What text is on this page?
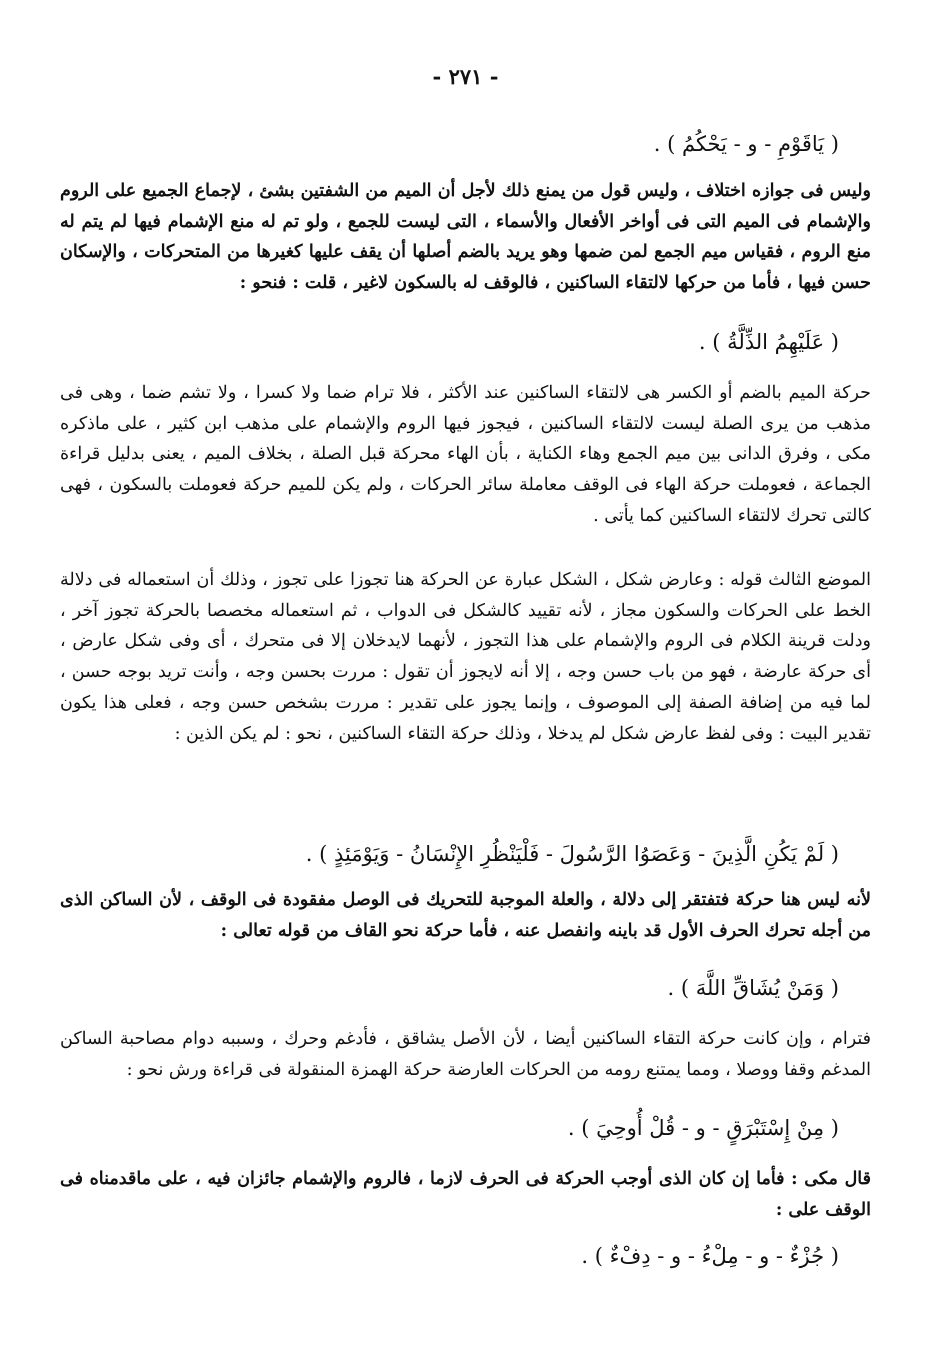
- ٢٧١ -
( يَاقَوْمِ - و - يَحْكُمُ ) .
وليس فى جوازه اختلاف ، وليس قول من يمنع ذلك لأجل أن الميم من الشفتين بشئ ، لإجماع الجميع على الروم والإشمام فى الميم التى فى أواخر الأفعال والأسماء ، التى ليست للجمع ، ولو تم له منع الإشمام فيها لم يتم له منع الروم ، فقياس ميم الجمع لمن ضمها وهو يريد بالضم أصلها أن يقف عليها كغيرها من المتحركات ، والإسكان حسن فيها ، فأما من حركها لالتقاء الساكنين ، فالوقف له بالسكون لاغير ، قلت : فنحو :
( عَلَيْهِمُ الذِّلَّةُ ) .
حركة الميم بالضم أو الكسر هى لالتقاء الساكنين عند الأكثر ، فلا ترام ضما ولا كسرا ، ولا تشم ضما ، وهى فى مذهب من يرى الصلة ليست لالتقاء الساكنين ، فيجوز فيها الروم والإشمام على مذهب ابن كثير ، على ماذكره مكى ، وفرق الدانى بين ميم الجمع وهاء الكناية ، بأن الهاء محركة قبل الصلة ، بخلاف الميم ، يعنى بدليل قراءة الجماعة ، فعوملت حركة الهاء فى الوقف معاملة سائر الحركات ، ولم يكن للميم حركة فعوملت بالسكون ، فهى كالتى تحرك لالتقاء الساكنين كما يأتى .
الموضع الثالث قوله : وعارض شكل ، الشكل عبارة عن الحركة هنا تجوزا على تجوز ، وذلك أن استعماله فى دلالة الخط على الحركات والسكون مجاز ، لأنه تقييد كالشكل فى الدواب ، ثم استعماله مخصصا بالحركة تجوز آخر ، ودلت قرينة الكلام فى الروم والإشمام على هذا التجوز ، لأنهما لايدخلان إلا فى متحرك ، أى وفى شكل عارض ، أى حركة عارضة ، فهو من باب حسن وجه ، إلا أنه لايجوز أن تقول : مررت بحسن وجه ، وأنت تريد بوجه حسن ، لما فيه من إضافة الصفة إلى الموصوف ، وإنما يجوز على تقدير : مررت بشخص حسن وجه ، فعلى هذا يكون تقدير البيت : وفى لفظ عارض شكل لم يدخلا ، وذلك حركة التقاء الساكنين ، نحو : لم يكن الذين :
( لَمْ يَكُنِ الَّذِينَ - وَعَصَوُا الرَّسُولَ - فَلْيَنْظُرِ الإِنْسَانُ - وَيَوْمَئِذٍ ) .
لأنه ليس هنا حركة فتفتقر إلى دلالة ، والعلة الموجبة للتحريك فى الوصل مفقودة فى الوقف ، لأن الساكن الذى من أجله تحرك الحرف الأول قد باينه وانفصل عنه ، فأما حركة نحو القاف من قوله تعالى :
( وَمَنْ يُشَاقِّ اللَّهَ ) .
فترام ، وإن كانت حركة التقاء الساكنين أيضا ، لأن الأصل يشاقق ، فأدغم وحرك ، وسببه دوام مصاحبة الساكن المدغم وقفا ووصلا ، ومما يمتنع رومه من الحركات العارضة حركة الهمزة المنقولة فى قراءة ورش نحو :
( مِنْ إِسْتَبْرَقٍ - و - قُلْ أُوحِيَ ) .
قال مكى : فأما إن كان الذى أوجب الحركة فى الحرف لازما ، فالروم والإشمام جائزان فيه ، على ماقدمناه فى الوقف على :
( جُزْءٌ - و - مِلْءُ - و - دِفْءٌ ) .
